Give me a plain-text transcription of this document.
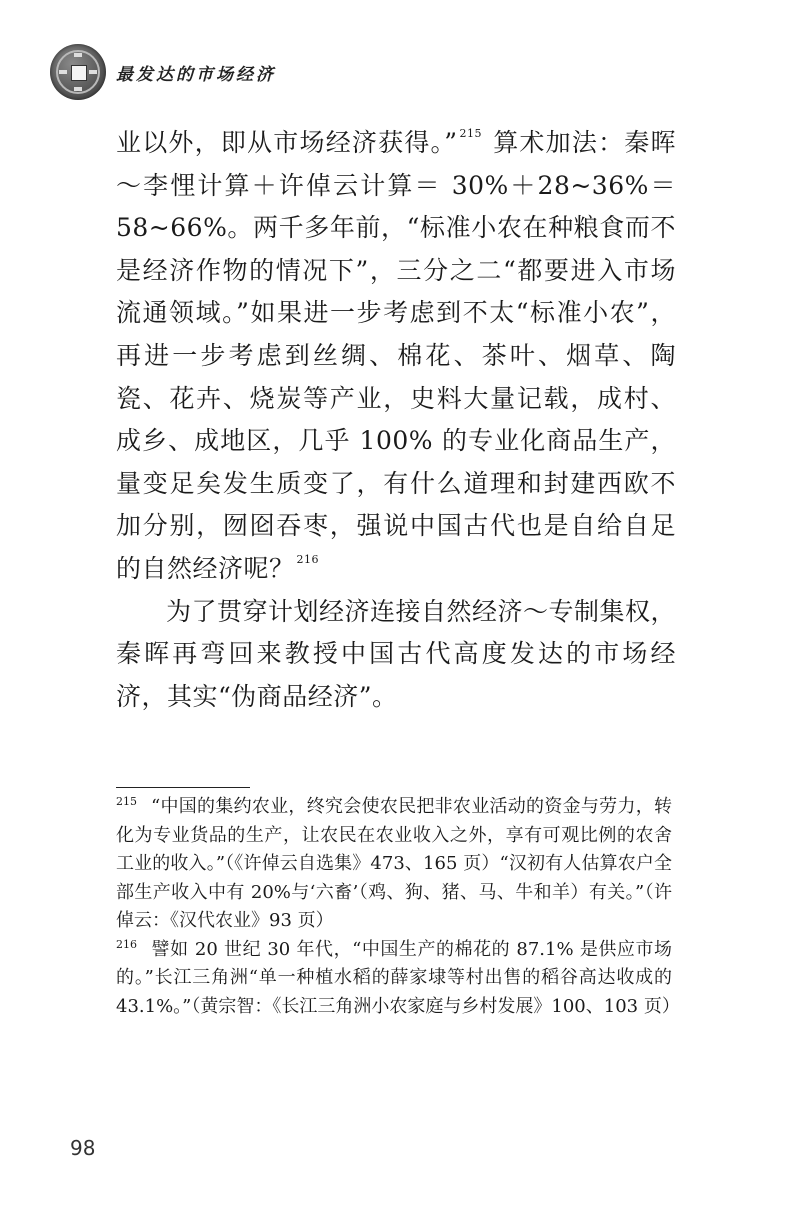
最发达的市场经济

业以外，即从市场经济获得。” $^{215}$ 算术加法：秦晖～李悝计算＋许倬云计算＝ 30%＋28~36%＝ 58~66%。两千多年前，“标准小农在种粮食而不是经济作物的情况下”，三分之二“都要进入市场流通领域。”如果进一步考虑到不太“标准小农”，再进一步考虑到丝绸、棉花、茶叶、烟草、陶瓷、花卉、烧炭等产业，史料大量记载，成村、成乡、成地区，几乎 100% 的专业化商品生产，量变足矣发生质变了，有什么道理和封建西欧不加分别，囫囵吞枣，强说中国古代也是自给自足的自然经济呢？ $^{216}$

为了贯穿计划经济连接自然经济～专制集权，秦晖再弯回来教授中国古代高度发达的市场经济，其实“伪商品经济”。

$^{215}$ “中国的集约农业，终究会使农民把非农业活动的资金与劳力，转化为专业货品的生产，让农民在农业收入之外，享有可观比例的农舍工业的收入。”（《许倬云自选集》473、165 页）“汉初有人估算农户全部生产收入中有 20%与‘六畜’（鸡、狗、猪、马、牛和羊）有关。”（许倬云：《汉代农业》93 页）

$^{216}$ 譬如 20 世纪 30 年代，“中国生产的棉花的 87.1% 是供应市场的。”长江三角洲“单一种植水稻的薛家埭等村出售的稻谷高达收成的 43.1%。”（黄宗智：《长江三角洲小农家庭与乡村发展》100、103 页）

98
